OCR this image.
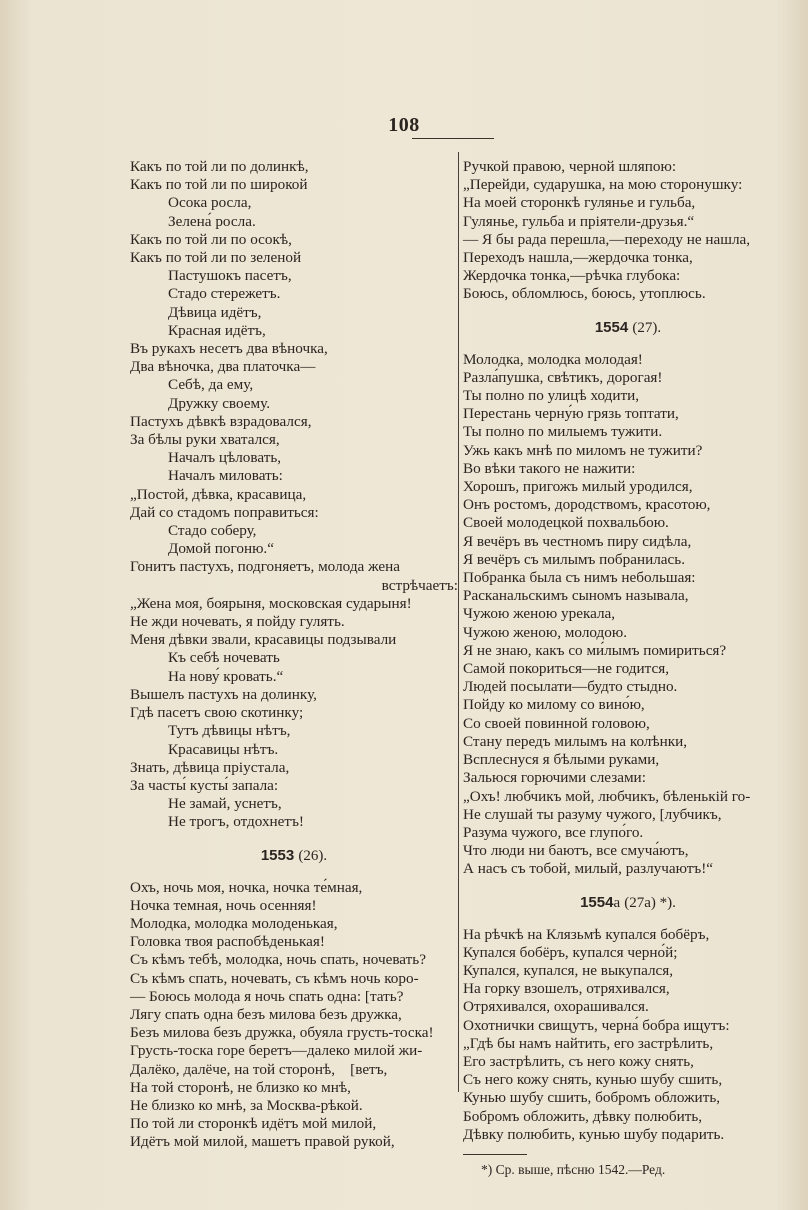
108
Какъ по той ли по долинкѣ,
Какъ по той ли по широкой
Осока росла,
Зелена́ росла.
Какъ по той ли по осокѣ,
Какъ по той ли по зеленой
Пастушокъ пасетъ,
Стадо стережетъ.
Дѣвица идётъ,
Красная идётъ,
Въ рукахъ несетъ два вѣночка,
Два вѣночка, два платочка—
Себѣ, да ему,
Дружку своему.
Пастухъ дѣвкѣ взрадовался,
За бѣлы руки хватался,
Началъ цѣловать,
Началъ миловать:
„Постой, дѣвка, красавица,
Дай со стадомъ поправиться:
Стадо соберу,
Домой погоню.“
Гонитъ пастухъ, подгоняетъ, молода жена
встрѣчаетъ:
„Жена моя, боярыня, московская сударыня!
Не жди ночевать, я пойду гулять.
Меня дѣвки звали, красавицы подзывали
Къ себѣ ночевать
На нову́ кровать.“
Вышелъ пастухъ на долинку,
Гдѣ пасетъ свою скотинку;
Тутъ дѣвицы нѣтъ,
Красавицы нѣтъ.
Знать, дѣвица пріустала,
За часты́ кусты́ запала:
Не замай, уснетъ,
Не трогъ, отдохнетъ!
1553 (26).
Охъ, ночь моя, ночка, ночка те́мная,
Ночка темная, ночь осенняя!
Молодка, молодка молоденькая,
Головка твоя распобѣденькая!
Съ кѣмъ тебѣ, молодка, ночь спать, ночевать?
Съ кѣмъ спать, ночевать, съ кѣмъ ночь коро-
— Боюсь молода я ночь спать одна: [тать?
Лягу спать одна безъ милова безъ дружка,
Безъ милова безъ дружка, обуяла грусть-тоска!
Грусть-тоска горе беретъ—далеко милой жи-
Далёко, далёче, на той сторонѣ,    [ветъ,
На той сторонѣ, не близко ко мнѣ,
Не близко ко мнѣ, за Москва-рѣкой.
По той ли сторонкѣ идётъ мой милой,
Идётъ мой милой, машетъ правой рукой,
Ручкой правою, черной шляпою:
„Перейди, сударушка, на мою сторонушку:
На моей сторонкѣ гулянье и гульба,
Гулянье, гульба и пріятели-друзья.“
— Я бы рада перешла,—переходу не нашла,
Переходъ нашла,—жердочка тонка,
Жердочка тонка,—рѣчка глубока:
Боюсь, обломлюсь, боюсь, утоплюсь.
1554 (27).
Молодка, молодка молодая!
Разла́пушка, свѣтикъ, дорогая!
Ты полно по улицѣ ходити,
Перестань черну́ю грязь топтати,
Ты полно по милыемъ тужити.
Ужь какъ мнѣ по миломъ не тужити?
Во вѣки такого не нажити:
Хорошъ, пригожъ милый уродился,
Онъ ростомъ, дородствомъ, красотою,
Своей молодецкой похвальбою.
Я вечёръ въ честномъ пиру сидѣла,
Я вечёръ съ милымъ побранилась.
Побранка была съ нимъ небольшая:
Расканальскимъ сыномъ называла,
Чужою женою урекала,
Чужою женою, молодою.
Я не знаю, какъ со ми́лымъ помириться?
Самой покориться—не годится,
Людей посылати—будто стыдно.
Пойду ко милому со вино́ю,
Со своей повинной головою,
Стану передъ милымъ на колѣнки,
Всплеснуся я бѣлыми руками,
Зальюся горючими слезами:
„Охъ! любчикъ мой, любчикъ, бѣленькій го-
Не слушай ты разуму чужого, [лубчикъ,
Разума чужого, все глупо́го.
Что люди ни баютъ, все смуча́ютъ,
А насъ съ тобой, милый, разлучаютъ!“
1554а (27а) *).
На рѣчкѣ на Клязьмѣ купался бобёръ,
Купался бобёръ, купался черно́й;
Купался, купался, не выкупался,
На горку взошелъ, отряхивался,
Отряхивался, охорашивался.
Охотнички свищутъ, черна́ бобра ищутъ:
„Гдѣ бы намъ найтить, его застрѣлить,
Его застрѣлить, съ него кожу снять,
Съ него кожу снять, кунью шубу сшить,
Кунью шубу сшить, бобромъ обложить,
Бобромъ обложить, дѣвку полюбить,
Дѣвку полюбить, кунью шубу подарить.
*) Ср. выше, пѣсню 1542.—Ред.
